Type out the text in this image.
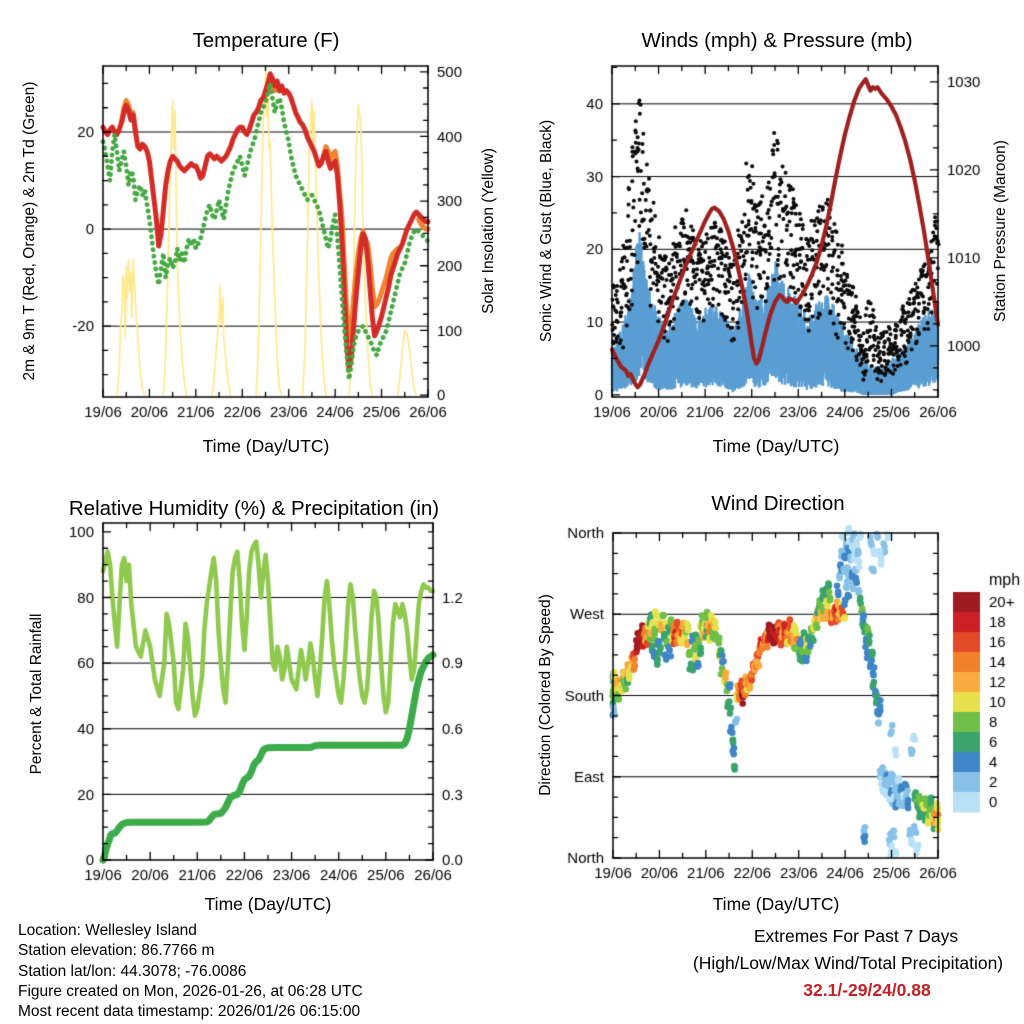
Temperature (F)	Winds (mph) & Pressure (mb)
Relative Humidity (%) & Precipitation (in)	Wind Direction
Time (Day/UTC)	Time (Day/UTC)
Time (Day/UTC)	Time (Day/UTC)
2m & 9m T (Red, Orange) & 2m Td (Green)	Solar Insolation (Yellow)	Sonic Wind & Gust (Blue, Black)	Station Pressure (Maroon)
Percent & Total Rainfall	Direction (Colored By Speed)
Location: Wellesley Island
Station elevation: 86.7766 m
Station lat/lon: 44.3078; -76.0086
Figure created on Mon, 2026-01-26, at 06:28 UTC
Most recent data timestamp: 2026/01/26 06:15:00
Extremes For Past 7 Days
(High/Low/Max Wind/Total Precipitation)
32.1/-29/24/0.88
